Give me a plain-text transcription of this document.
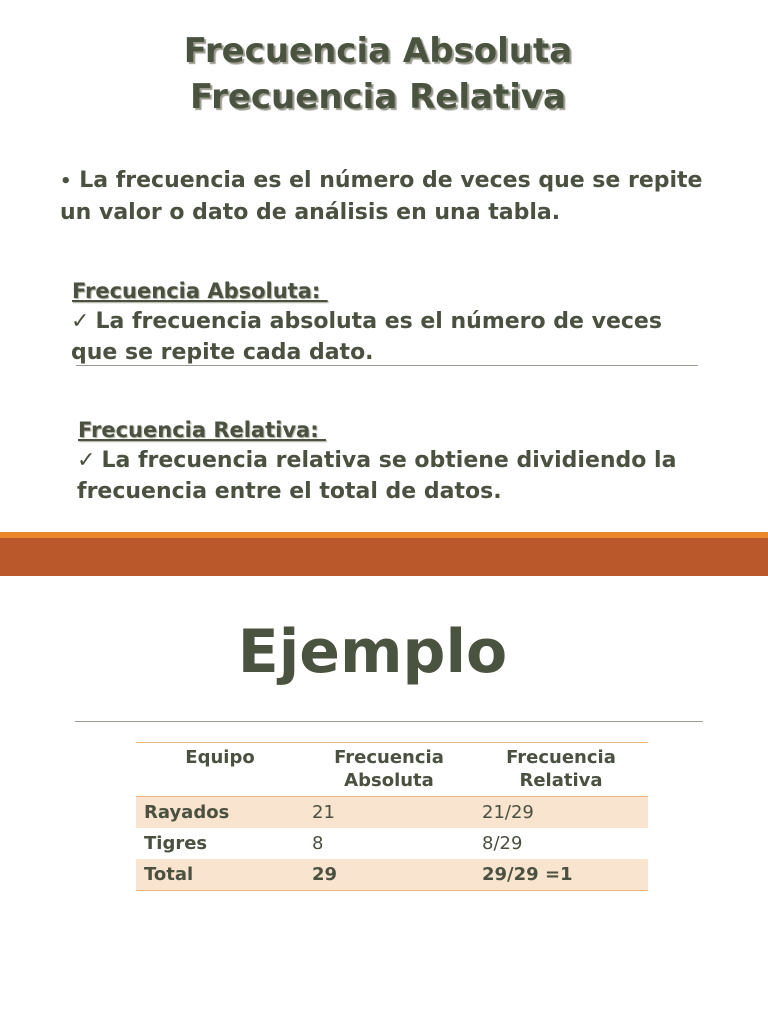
Frecuencia Absoluta
Frecuencia Relativa

• La frecuencia es el número de veces que se repite un valor o dato de análisis en una tabla.

Frecuencia Absoluta:

✓ La frecuencia absoluta es el número de veces que se repite cada dato.

Frecuencia Relativa:

✓ La frecuencia relativa se obtiene dividiendo la frecuencia entre el total de datos.

Ejemplo
Equipo	Frecuencia Absoluta	Frecuencia Relativa
Rayados	21	21/29
Tigres	8	8/29
Total	29	29/29 =1
